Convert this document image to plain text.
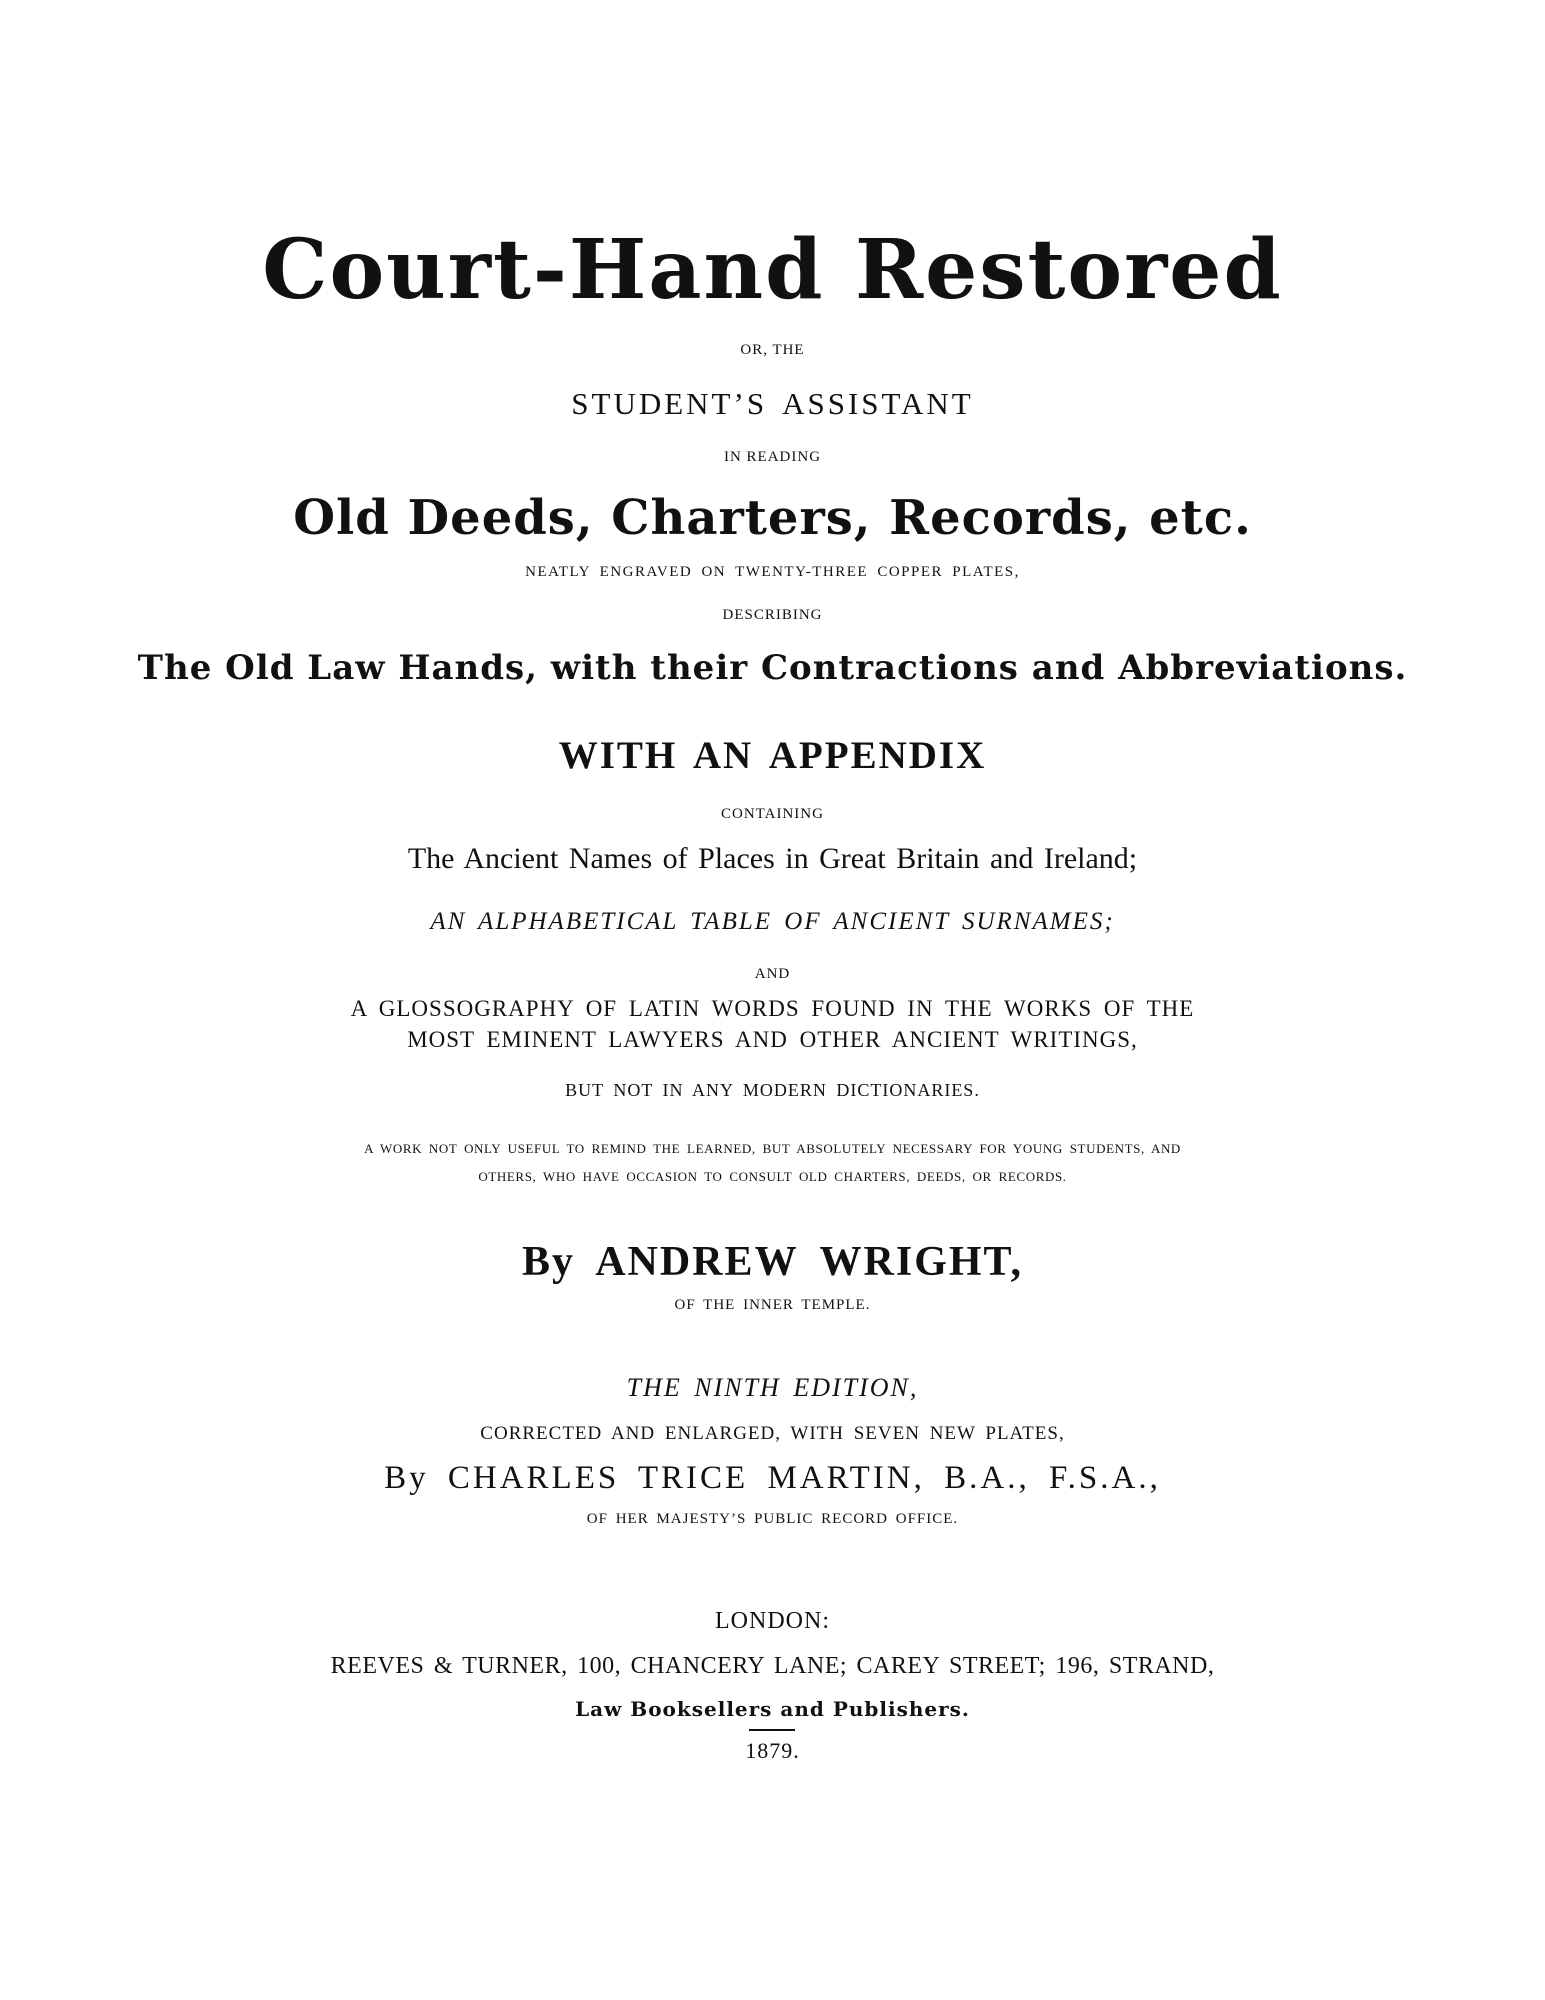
Court-Hand Restored
OR, THE
STUDENT’S ASSISTANT
IN READING
Old Deeds, Charters, Records, etc.
NEATLY ENGRAVED ON TWENTY-THREE COPPER PLATES,
DESCRIBING
The Old Law Hands, with their Contractions and Abbreviations.
WITH AN APPENDIX
CONTAINING
The Ancient Names of Places in Great Britain and Ireland;
AN ALPHABETICAL TABLE OF ANCIENT SURNAMES;
AND
A GLOSSOGRAPHY OF LATIN WORDS FOUND IN THE WORKS OF THE
MOST EMINENT LAWYERS AND OTHER ANCIENT WRITINGS,
BUT NOT IN ANY MODERN DICTIONARIES.
A WORK NOT ONLY USEFUL TO REMIND THE LEARNED, BUT ABSOLUTELY NECESSARY FOR YOUNG STUDENTS, AND
OTHERS, WHO HAVE OCCASION TO CONSULT OLD CHARTERS, DEEDS, OR RECORDS.
By ANDREW WRIGHT,
OF THE INNER TEMPLE.
THE NINTH EDITION,
CORRECTED AND ENLARGED, WITH SEVEN NEW PLATES,
By CHARLES TRICE MARTIN, B.A., F.S.A.,
OF HER MAJESTY’S PUBLIC RECORD OFFICE.
LONDON:
REEVES & TURNER, 100, CHANCERY LANE; CAREY STREET; 196, STRAND,
Law Booksellers and Publishers.
1879.
